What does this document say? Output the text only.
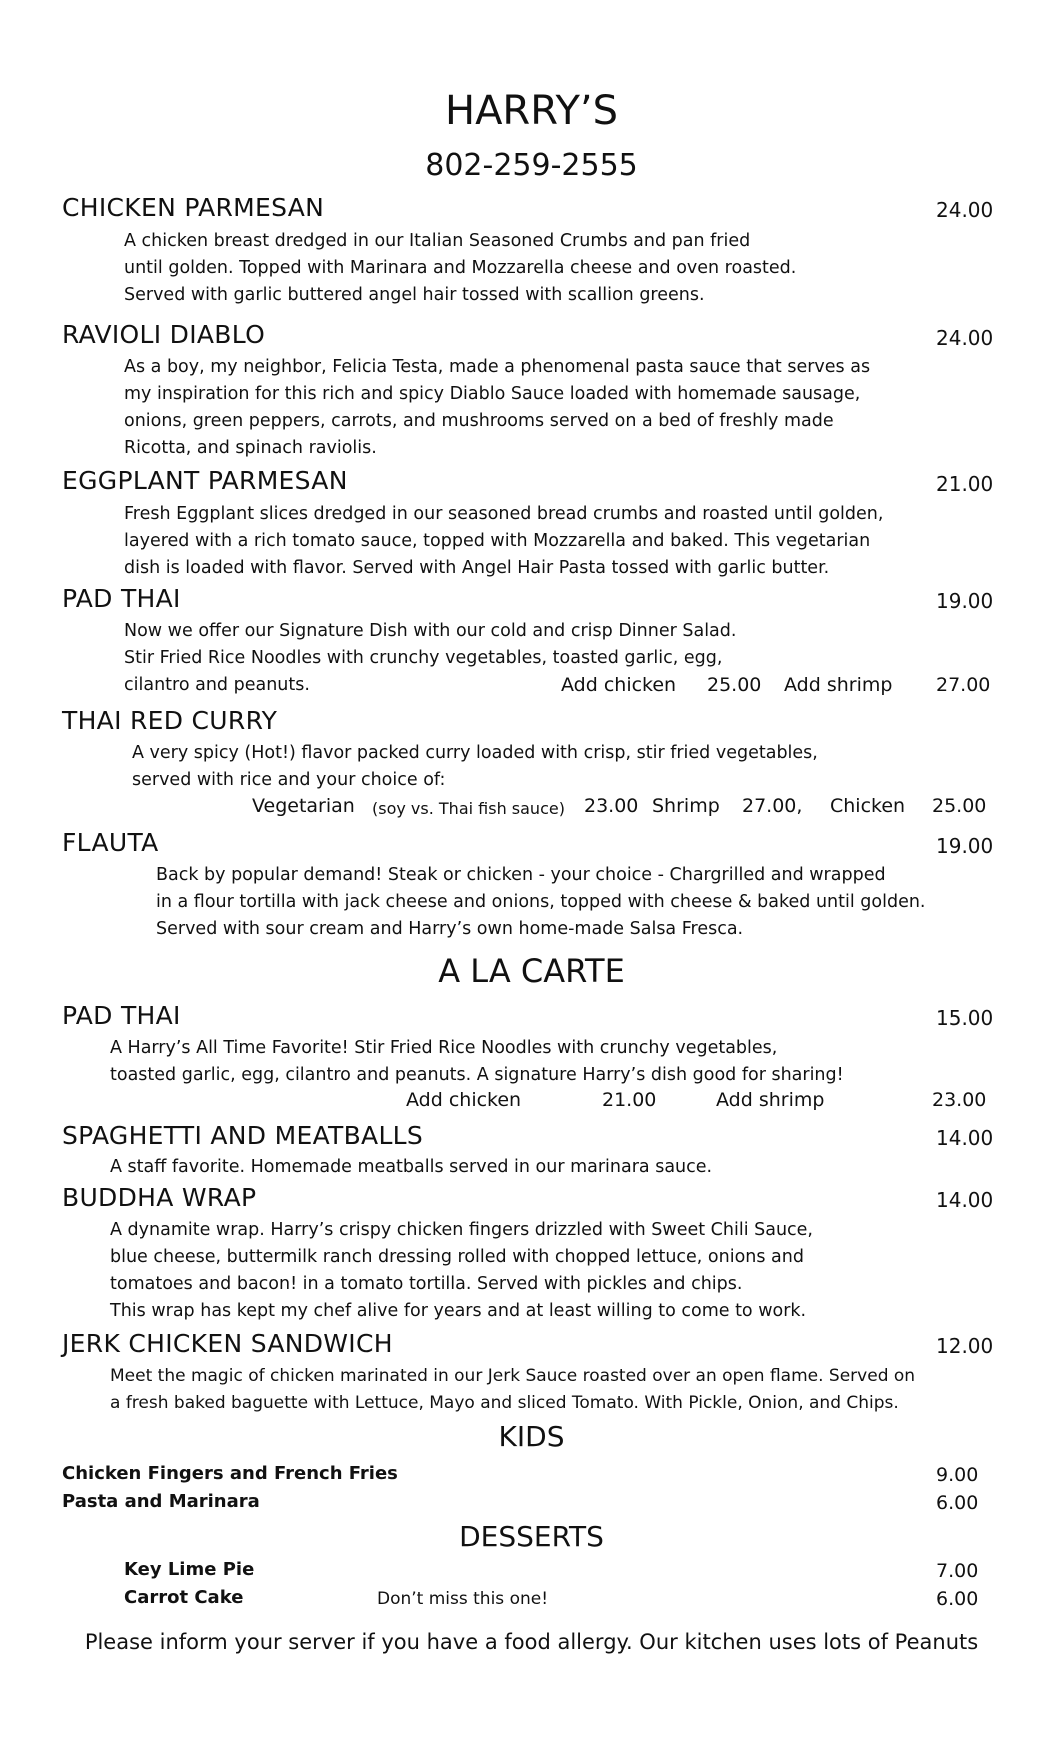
HARRY’S
802-259-2555
CHICKEN PARMESAN	24.00
A chicken breast dredged in our Italian Seasoned Crumbs and pan fried
until golden. Topped with Marinara and Mozzarella cheese and oven roasted.
Served with garlic buttered angel hair tossed with scallion greens.
RAVIOLI DIABLO	24.00
As a boy, my neighbor, Felicia Testa, made a phenomenal pasta sauce that serves as
my inspiration for this rich and spicy Diablo Sauce loaded with homemade sausage,
onions, green peppers, carrots, and mushrooms served on a bed of freshly made
Ricotta, and spinach raviolis.
EGGPLANT PARMESAN	21.00
Fresh Eggplant slices dredged in our seasoned bread crumbs and roasted until golden,
layered with a rich tomato sauce, topped with Mozzarella and baked. This vegetarian
dish is loaded with flavor. Served with Angel Hair Pasta tossed with garlic butter.
PAD THAI	19.00
Now we offer our Signature Dish with our cold and crisp Dinner Salad.
Stir Fried Rice Noodles with crunchy vegetables, toasted garlic, egg,
cilantro and peanuts.	Add chicken 25.00 Add shrimp 27.00
THAI RED CURRY
A very spicy (Hot!) flavor packed curry loaded with crisp, stir fried vegetables,
served with rice and your choice of:
Vegetarian (soy vs. Thai fish sauce) 23.00 Shrimp 27.00, Chicken 25.00
FLAUTA	19.00
Back by popular demand! Steak or chicken - your choice - Chargrilled and wrapped
in a flour tortilla with jack cheese and onions, topped with cheese & baked until golden.
Served with sour cream and Harry’s own home-made Salsa Fresca.
A LA CARTE
PAD THAI	15.00
A Harry’s All Time Favorite! Stir Fried Rice Noodles with crunchy vegetables,
toasted garlic, egg, cilantro and peanuts. A signature Harry’s dish good for sharing!
Add chicken	21.00	Add shrimp	23.00
SPAGHETTI AND MEATBALLS	14.00
A staff favorite. Homemade meatballs served in our marinara sauce.
BUDDHA WRAP	14.00
A dynamite wrap. Harry’s crispy chicken fingers drizzled with Sweet Chili Sauce,
blue cheese, buttermilk ranch dressing rolled with chopped lettuce, onions and
tomatoes and bacon! in a tomato tortilla. Served with pickles and chips.
This wrap has kept my chef alive for years and at least willing to come to work.
JERK CHICKEN SANDWICH	12.00
Meet the magic of chicken marinated in our Jerk Sauce roasted over an open flame. Served on
a fresh baked baguette with Lettuce, Mayo and sliced Tomato. With Pickle, Onion, and Chips.
KIDS
Chicken Fingers and French Fries	9.00
Pasta and Marinara	6.00
DESSERTS
Key Lime Pie	7.00
Carrot Cake	Don’t miss this one!	6.00
Please inform your server if you have a food allergy. Our kitchen uses lots of Peanuts
